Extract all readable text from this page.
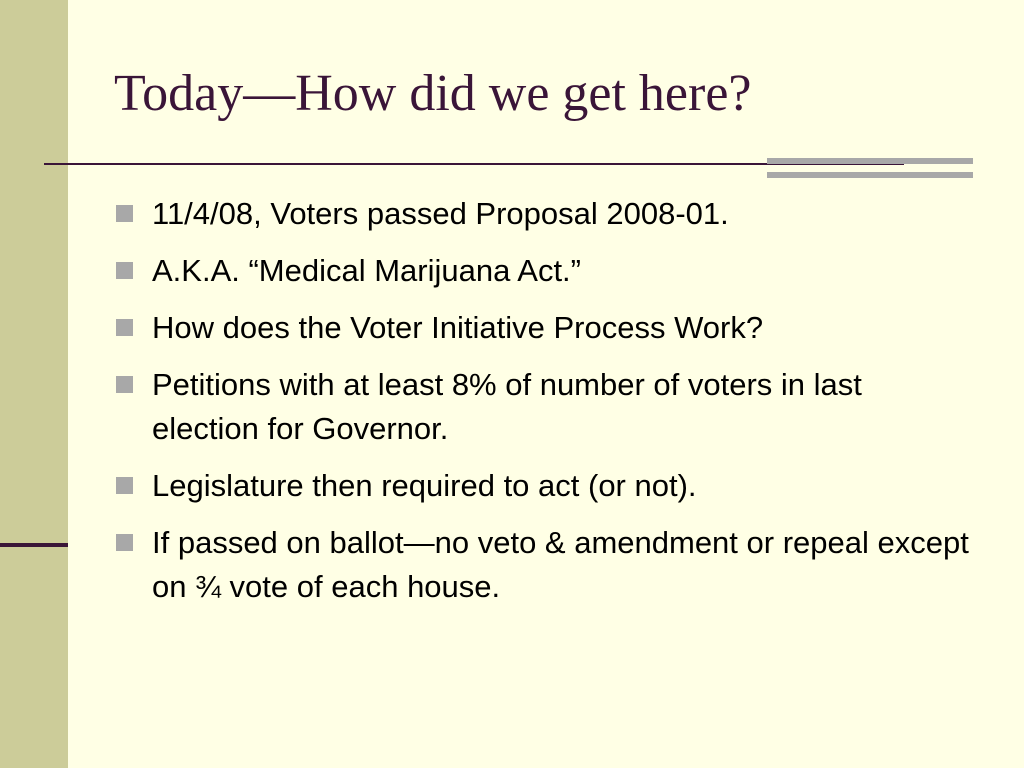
Today—How did we get here?
11/4/08, Voters passed Proposal 2008-01.
A.K.A. “Medical Marijuana Act.”
How does the Voter Initiative Process Work?
Petitions with at least 8% of number of voters in last election for Governor.
Legislature then required to act (or not).
If passed on ballot—no veto & amendment or repeal except on ¾ vote of each house.
